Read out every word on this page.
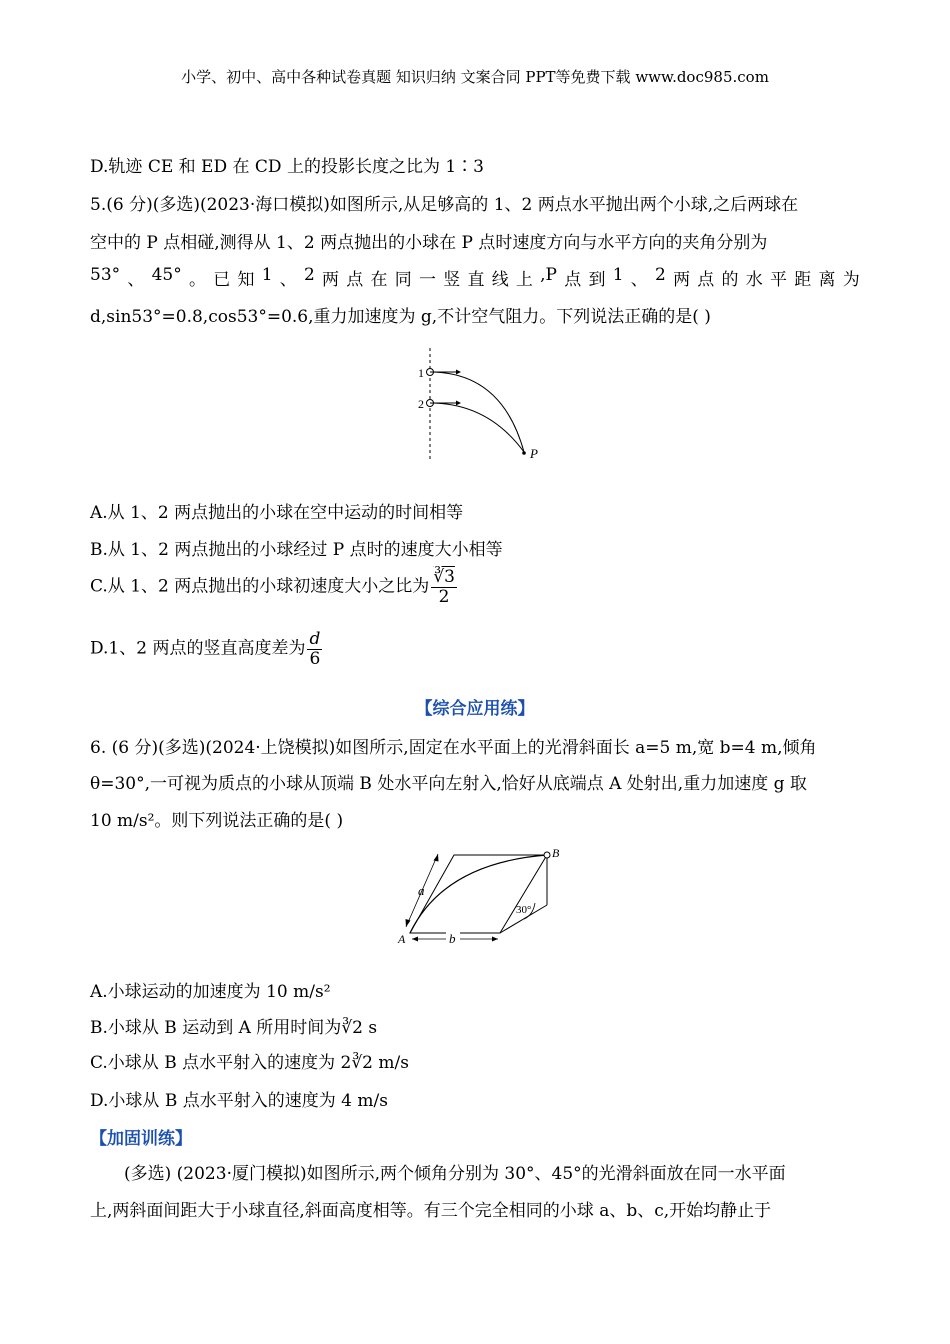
小学、初中、高中各种试卷真题 知识归纳 文案合同 PPT等免费下载 www.doc985.com
D.轨迹 CE 和 ED 在 CD 上的投影长度之比为 1∶3
5.(6 分)(多选)(2023·海口模拟)如图所示,从足够高的 1、2 两点水平抛出两个小球,之后两球在
空中的 P 点相碰,测得从 1、2 两点抛出的小球在 P 点时速度方向与水平方向的夹角分别为
53° 、 45° 。 已 知 1 、 2 两 点 在 同 一 竖 直 线 上 ,P 点 到 1 、 2 两 点 的 水 平 距 离 为
d,sin53°=0.8,cos53°=0.6,重力加速度为 g,不计空气阻力。下列说法正确的是( )
1
2
P
A.从 1、2 两点抛出的小球在空中运动的时间相等
B.从 1、2 两点抛出的小球经过 P 点时的速度大小相等
C.从 1、2 两点抛出的小球初速度大小之比为 $\frac{∛3}{2}$
D.1、2 两点的竖直高度差为 $\frac{d}{6}$
【综合应用练】
6. (6 分)(多选)(2024·上饶模拟)如图所示,固定在水平面上的光滑斜面长 a=5 m,宽 b=4 m,倾角
θ=30°,一可视为质点的小球从顶端 B 处水平向左射入,恰好从底端点 A 处射出,重力加速度 g 取
10 m/s²。则下列说法正确的是( )
A
B
a
b
30°
A.小球运动的加速度为 10 m/s²
B.小球从 B 运动到 A 所用时间为∛2 s
C.小球从 B 点水平射入的速度为 2∛2 m/s
D.小球从 B 点水平射入的速度为 4 m/s
【加固训练】
(多选) (2023·厦门模拟)如图所示,两个倾角分别为 30°、45°的光滑斜面放在同一水平面
上,两斜面间距大于小球直径,斜面高度相等。有三个完全相同的小球 a、b、c,开始均静止于
